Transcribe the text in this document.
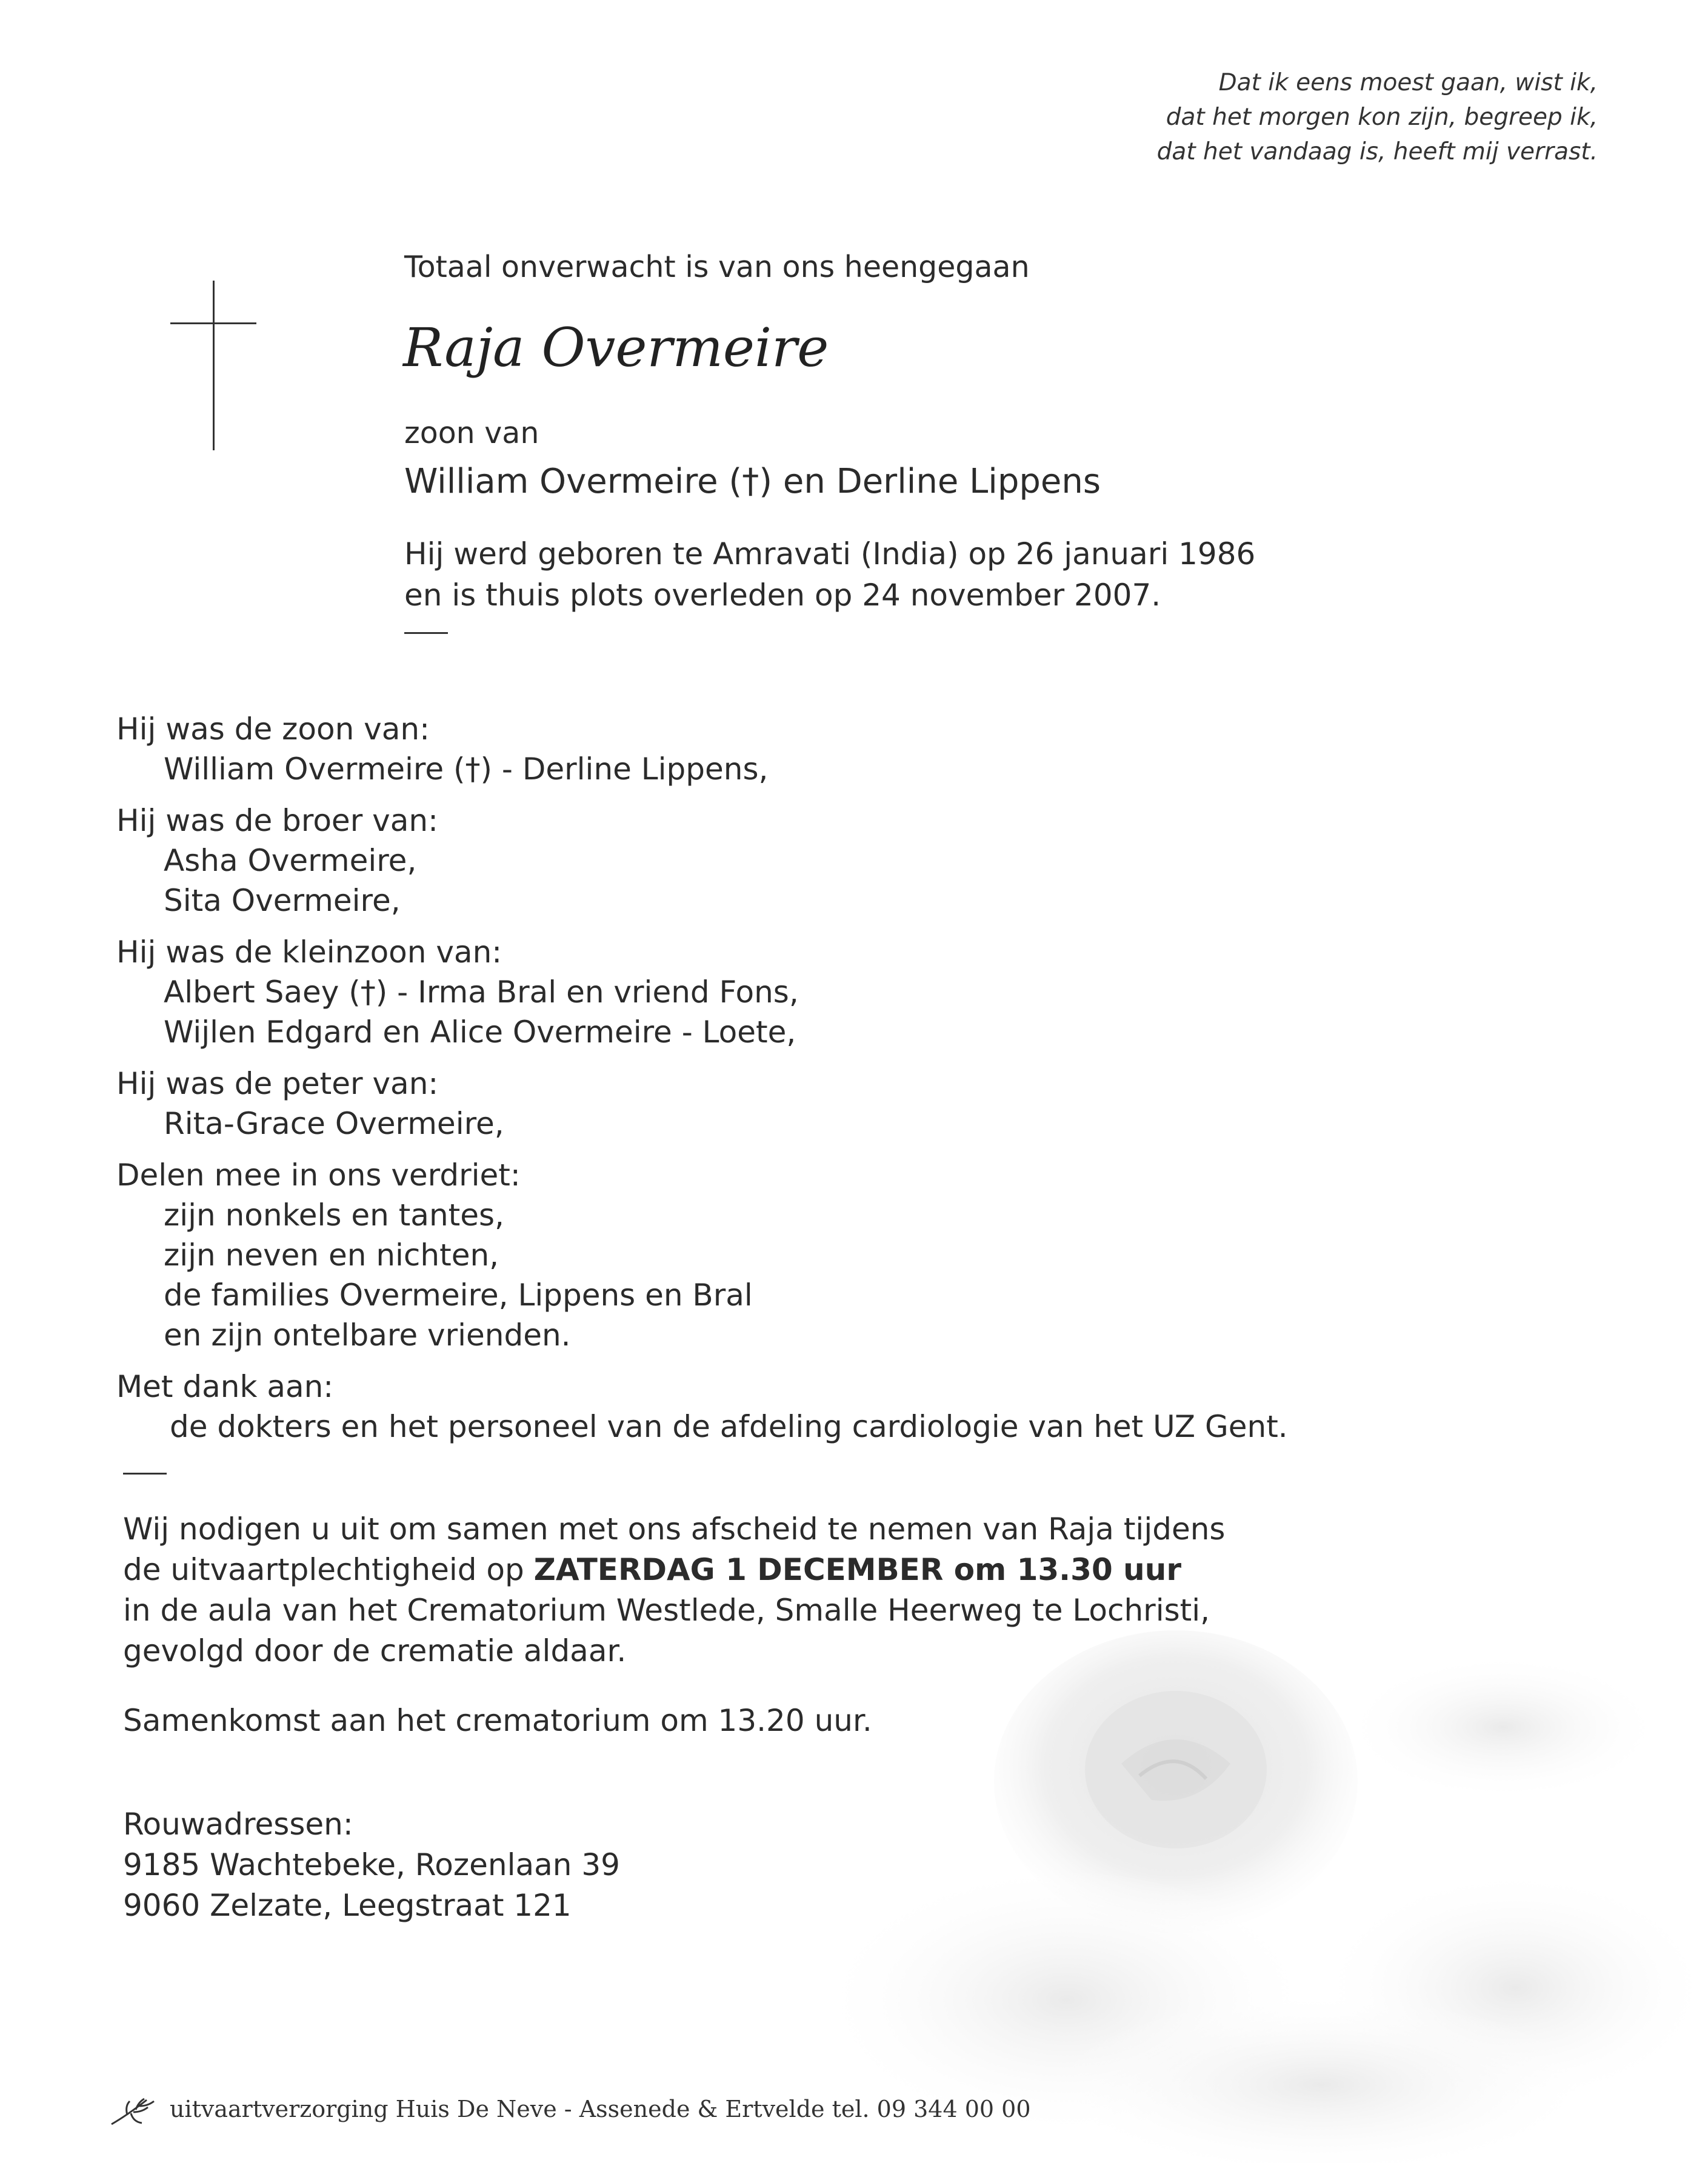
Dat ik eens moest gaan, wist ik,
dat het morgen kon zijn, begreep ik,
dat het vandaag is, heeft mij verrast.
Totaal onverwacht is van ons heengegaan
Raja Overmeire
zoon van
William Overmeire (†) en Derline Lippens
Hij werd geboren te Amravati (India) op 26 januari 1986
en is thuis plots overleden op 24 november 2007.
Hij was de zoon van:
William Overmeire (†) - Derline Lippens,
Hij was de broer van:
Asha Overmeire,
Sita Overmeire,
Hij was de kleinzoon van:
Albert Saey (†) - Irma Bral en vriend Fons,
Wijlen Edgard en Alice Overmeire - Loete,
Hij was de peter van:
Rita-Grace Overmeire,
Delen mee in ons verdriet:
zijn nonkels en tantes,
zijn neven en nichten,
de families Overmeire, Lippens en Bral
en zijn ontelbare vrienden.
Met dank aan:
de dokters en het personeel van de afdeling cardiologie van het UZ Gent.
Wij nodigen u uit om samen met ons afscheid te nemen van Raja tijdens
de uitvaartplechtigheid op ZATERDAG 1 DECEMBER om 13.30 uur
in de aula van het Crematorium Westlede, Smalle Heerweg te Lochristi,
gevolgd door de crematie aldaar.
Samenkomst aan het crematorium om 13.20 uur.
Rouwadressen:
9185 Wachtebeke, Rozenlaan 39
9060 Zelzate, Leegstraat 121
uitvaartverzorging Huis De Neve - Assenede & Ertvelde tel. 09 344 00 00
